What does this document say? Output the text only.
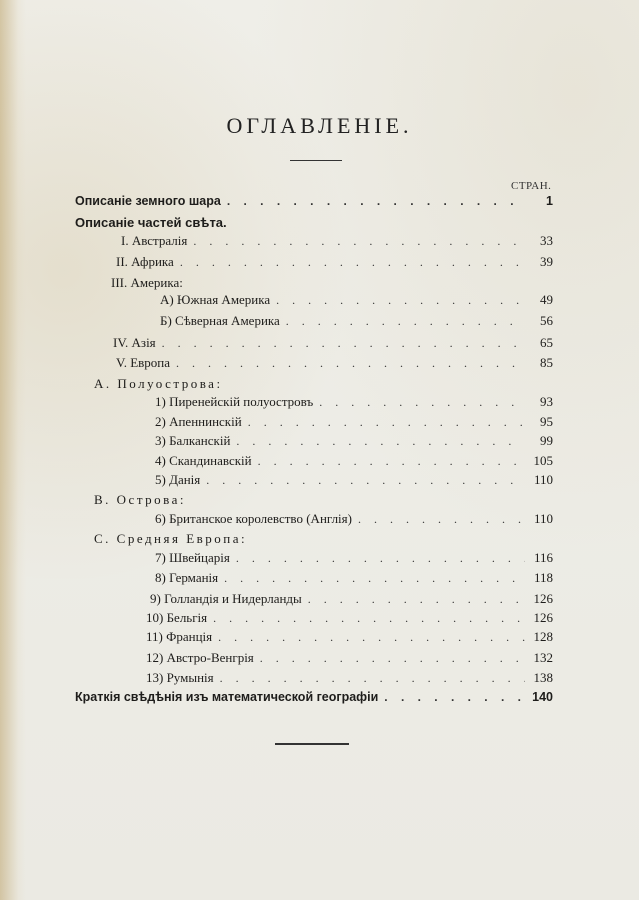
ОГЛАВЛЕНIЕ.
СТРАН.
Описанiе земного шара . . .	1
Описанiе частей свѣта.
I. Австралiя . . .	33
II. Африка . . .	39
III. Америка:
А) Южная Америка . . .	49
Б) Сѣверная Америка . . .	56
IV. Азiя . . .	65
V. Европа . . .	85
A. Полуострова:
1) Пиренейскiй полуостровъ . . .	93
2) Апеннинскiй . . .	95
3) Балканскiй . . .	99
4) Скандинавскiй . . .	105
5) Данiя . . .	110
B. Острова:
6) Британское королевство (Англiя) . . .	110
C. Средняя Европа:
7) Швейцарiя . . .	116
8) Германiя . . .	118
9) Голландiя и Нидерланды . . .	126
10) Бельгiя . . .	126
11) Францiя . . .	128
12) Австро-Венгрiя . . .	132
13) Румынiя . . .	138
Краткiя свѣдѣнiя изъ математической географiи . . .	140
